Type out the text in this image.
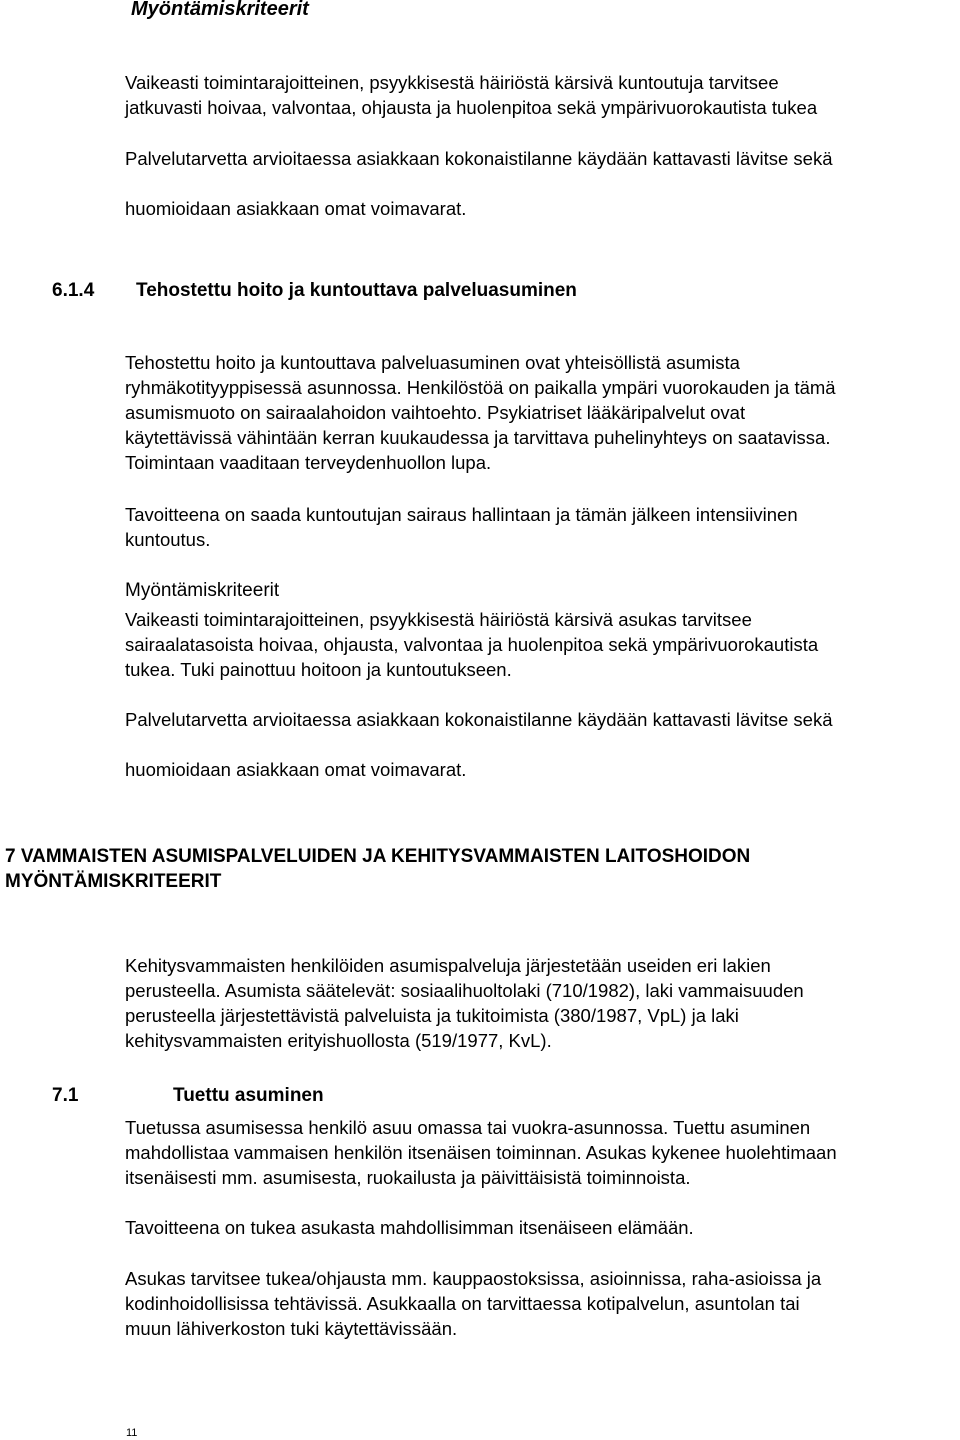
Myöntämiskriteerit

Vaikeasti toimintarajoitteinen, psyykkisestä häiriöstä kärsivä kuntoutuja tarvitsee

jatkuvasti hoivaa, valvontaa, ohjausta ja huolenpitoa sekä ympärivuorokautista tukea

Palvelutarvetta arvioitaessa asiakkaan kokonaistilanne käydään kattavasti lävitse sekä

huomioidaan asiakkaan omat voimavarat.

6.1.4 Tehostettu hoito ja kuntouttava palveluasuminen

Tehostettu hoito ja kuntouttava palveluasuminen ovat yhteisöllistä asumista

ryhmäkotityyppisessä asunnossa. Henkilöstöä on paikalla ympäri vuorokauden ja tämä

asumismuoto on sairaalahoidon vaihtoehto. Psykiatriset lääkäripalvelut ovat

käytettävissä vähintään kerran kuukaudessa ja tarvittava puhelinyhteys on saatavissa.

Toimintaan vaaditaan terveydenhuollon lupa.

Tavoitteena on saada kuntoutujan sairaus hallintaan ja tämän jälkeen intensiivinen

kuntoutus.

Myöntämiskriteerit

Vaikeasti toimintarajoitteinen, psyykkisestä häiriöstä kärsivä asukas tarvitsee

sairaalatasoista hoivaa, ohjausta, valvontaa ja huolenpitoa sekä ympärivuorokautista

tukea. Tuki painottuu hoitoon ja kuntoutukseen.

Palvelutarvetta arvioitaessa asiakkaan kokonaistilanne käydään kattavasti lävitse sekä

huomioidaan asiakkaan omat voimavarat.

7 VAMMAISTEN ASUMISPALVELUIDEN JA KEHITYSVAMMAISTEN LAITOSHOIDON

MYÖNTÄMISKRITEERIT

Kehitysvammaisten henkilöiden asumispalveluja järjestetään useiden eri lakien

perusteella. Asumista säätelevät: sosiaalihuoltolaki (710/1982), laki vammaisuuden

perusteella järjestettävistä palveluista ja tukitoimista (380/1987, VpL) ja laki

kehitysvammaisten erityishuollosta (519/1977, KvL).

7.1	Tuettu asuminen

Tuetussa asumisessa henkilö asuu omassa tai vuokra-asunnossa. Tuettu asuminen

mahdollistaa vammaisen henkilön itsenäisen toiminnan. Asukas kykenee huolehtimaan

itsenäisesti mm. asumisesta, ruokailusta ja päivittäisistä toiminnoista.

Tavoitteena on tukea asukasta mahdollisimman itsenäiseen elämään.

Asukas tarvitsee tukea/ohjausta mm. kauppaostoksissa, asioinnissa, raha-asioissa ja

kodinhoidollisissa tehtävissä. Asukkaalla on tarvittaessa kotipalvelun, asuntolan tai

muun lähiverkoston tuki käytettävissään.

11
